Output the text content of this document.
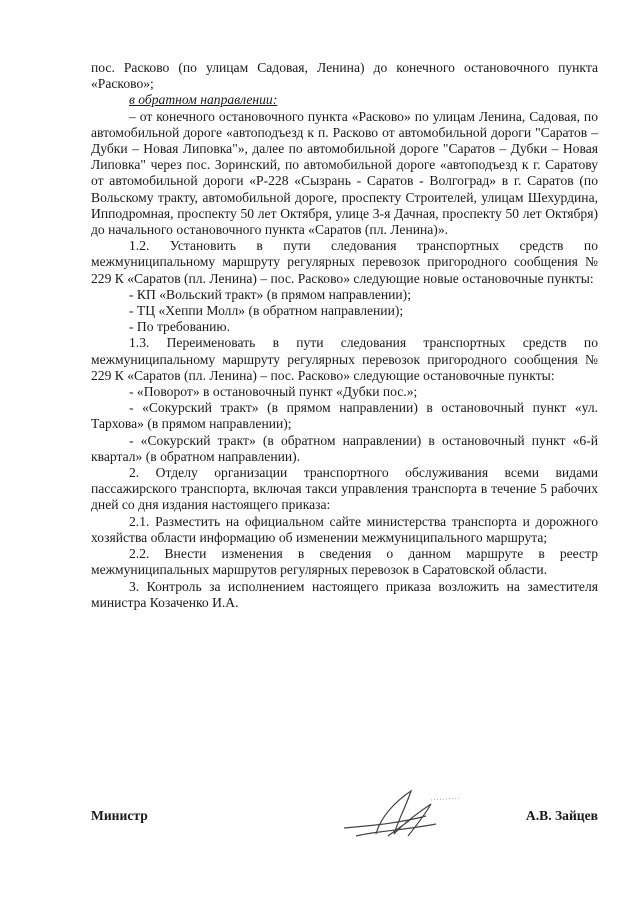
пос. Расково (по улицам Садовая, Ленина) до конечного остановочного пункта «Расково»;

в обратном направлении:

– от конечного остановочного пункта «Расково» по улицам Ленина, Садовая, по автомобильной дороге «автоподъезд к п. Расково от автомобильной дороги "Саратов – Дубки – Новая Липовка"», далее по автомобильной дороге "Саратов – Дубки – Новая Липовка" через пос. Зоринский, по автомобильной дороге «автоподъезд к г. Саратову от автомобильной дороги «Р-228 «Сызрань - Саратов - Волгоград» в г. Саратов (по Вольскому тракту, автомобильной дороге, проспекту Строителей, улицам Шехурдина, Ипподромная, проспекту 50 лет Октября, улице 3-я Дачная, проспекту 50 лет Октября) до начального остановочного пункта «Саратов (пл. Ленина)».

1.2. Установить в пути следования транспортных средств по межмуниципальному маршруту регулярных перевозок пригородного сообщения № 229 К «Саратов (пл. Ленина) – пос. Расково» следующие новые остановочные пункты:

- КП «Вольский тракт» (в прямом направлении);

- ТЦ «Хеппи Молл» (в обратном направлении);

- По требованию.

1.3. Переименовать в пути следования транспортных средств по межмуниципальному маршруту регулярных перевозок пригородного сообщения № 229 К «Саратов (пл. Ленина) – пос. Расково» следующие остановочные пункты:

- «Поворот» в остановочный пункт «Дубки пос.»;

- «Сокурский тракт» (в прямом направлении) в остановочный пункт «ул. Тархова» (в прямом направлении);

- «Сокурский тракт» (в обратном направлении) в остановочный пункт «6-й квартал» (в обратном направлении).

2. Отделу организации транспортного обслуживания всеми видами пассажирского транспорта, включая такси управления транспорта в течение 5 рабочих дней со дня издания настоящего приказа:

2.1. Разместить на официальном сайте министерства транспорта и дорожного хозяйства области информацию об изменении межмуниципального маршрута;

2.2. Внести изменения в сведения о данном маршруте в реестр межмуниципальных маршрутов регулярных перевозок в Саратовской области.

3. Контроль за исполнением настоящего приказа возложить на заместителя министра Козаченко И.А.

Министр	А.В. Зайцев
